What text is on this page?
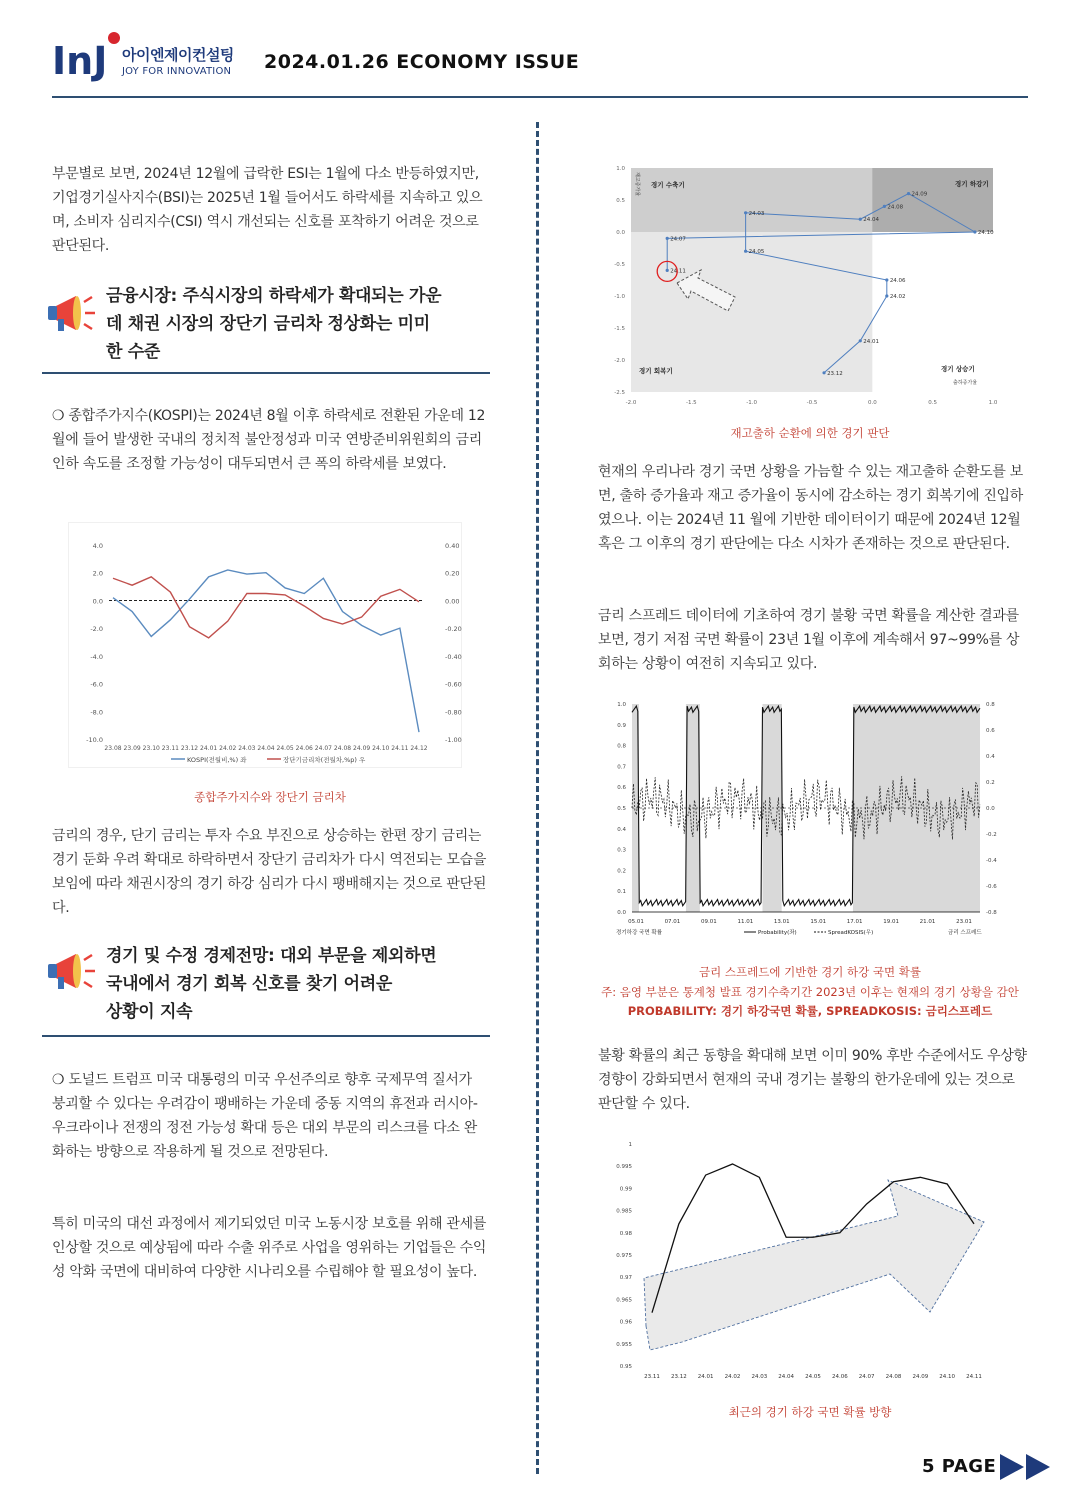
InJ 아이엔제이컨설팅
JOY FOR INNOVATION 2024.01.26 ECONOMY ISSUE
부문별로 보면, 2024년 12월에 급락한 ESI는 1월에 다소 반등하였지만, 기업경기실사지수(BSI)는 2025년 1월 들어서도 하락세를 지속하고 있으며, 소비자 심리지수(CSI) 역시 개선되는 신호를 포착하기 어려운 것으로 판단된다.
금융시장: 주식시장의 하락세가 확대되는 가운
데 채권 시장의 장단기 금리차 정상화는 미미
한 수준
❍ 종합주가지수(KOSPI)는 2024년 8월 이후 하락세로 전환된 가운데 12월에 들어 발생한 국내의 정치적 불안정성과 미국 연방준비위원회의 금리 인하 속도를 조정할 가능성이 대두되면서 큰 폭의 하락세를 보였다.
4.0
2.0
0.0
-2.0
-4.0
-6.0
-8.0
-10.0
0.40
0.20
0.00
-0.20
-0.40
-0.60
-0.80
-1.00
23.08 23.09 23.10 23.11 23.12 24.01 24.02 24.03 24.04 24.05 24.06 24.07 24.08 24.09 24.10 24.11 24.12
KOSPI(전월비,%) 좌	장단기금리차(전월차,%p) 우
종합주가지수와 장단기 금리차
금리의 경우, 단기 금리는 투자 수요 부진으로 상승하는 한편 장기 금리는 경기 둔화 우려 확대로 하락하면서 장단기 금리차가 다시 역전되는 모습을 보임에 따라 채권시장의 경기 하강 심리가 다시 팽배해지는 것으로 판단된다.
경기 및 수정 경제전망: 대외 부문을 제외하면
국내에서 경기 회복 신호를 찾기 어려운
상황이 지속
❍ 도널드 트럼프 미국 대통령의 미국 우선주의로 향후 국제무역 질서가 붕괴할 수 있다는 우려감이 팽배하는 가운데 중동 지역의 휴전과 러시아-우크라이나 전쟁의 정전 가능성 확대 등은 대외 부문의 리스크를 다소 완화하는 방향으로 작용하게 될 것으로 전망된다.
특히 미국의 대선 과정에서 제기되었던 미국 노동시장 보호를 위해 관세를 인상할 것으로 예상됨에 따라 수출 위주로 사업을 영위하는 기업들은 수익성 악화 국면에 대비하여 다양한 시나리오를 수립해야 할 필요성이 높다.
1.0
0.5
0.0
-0.5
-1.0
-1.5
-2.0
-2.5
-2.0	-1.5	-1.0	-0.5	0.0	0.5	1.0
경기 수축기	경기 하강기
경기 회복기	경기 상승기
출하증가율
재고증가율
23.12
24.01
24.02
24.06
24.05
24.03
24.04
24.08
24.09
24.10
24.07
24.11
재고출하 순환에 의한 경기 판단
현재의 우리나라 경기 국면 상황을 가늠할 수 있는 재고출하 순환도를 보면, 출하 증가율과 재고 증가율이 동시에 감소하는 경기 회복기에 진입하였으나. 이는 2024년 11 월에 기반한 데이터이기 때문에 2024년 12월 혹은 그 이후의 경기 판단에는 다소 시차가 존재하는 것으로 판단된다.
금리 스프레드 데이터에 기초하여 경기 불황 국면 확률을 계산한 결과를 보면, 경기 저점 국면 확률이 23년 1월 이후에 계속해서 97~99%를 상회하는 상황이 여전히 지속되고 있다.
1.0
0.9
0.8
0.7
0.6
0.5
0.4
0.3
0.2
0.1
0.0
0.8
0.6
0.4
0.2
0.0
-0.2
-0.4
-0.6
-0.8
05.01	07.01	09.01	11.01	13.01	15.01	17.01	19.01	21.01	23.01
경기하강 국면 확률	Probability(좌)	SpreadKOSIS(우)	금리 스프레드
금리 스프레드에 기반한 경기 하강 국면 확률
주: 음영 부분은 통계청 발표 경기수축기간 2023년 이후는 현재의 경기 상황을 감안
PROBABILITY: 경기 하강국면 확률, SPREADKOSIS: 금리스프레드
불황 확률의 최근 동향을 확대해 보면 이미 90% 후반 수준에서도 우상향 경향이 강화되면서 현재의 국내 경기는 불황의 한가운데에 있는 것으로 판단할 수 있다.
1
0.995
0.99
0.985
0.98
0.975
0.97
0.965
0.96
0.955
0.95
23.11 23.12 24.01 24.02 24.03 24.04 24.05 24.06 24.07 24.08 24.09 24.10 24.11
최근의 경기 하강 국면 확률 방향
5 PAGE
